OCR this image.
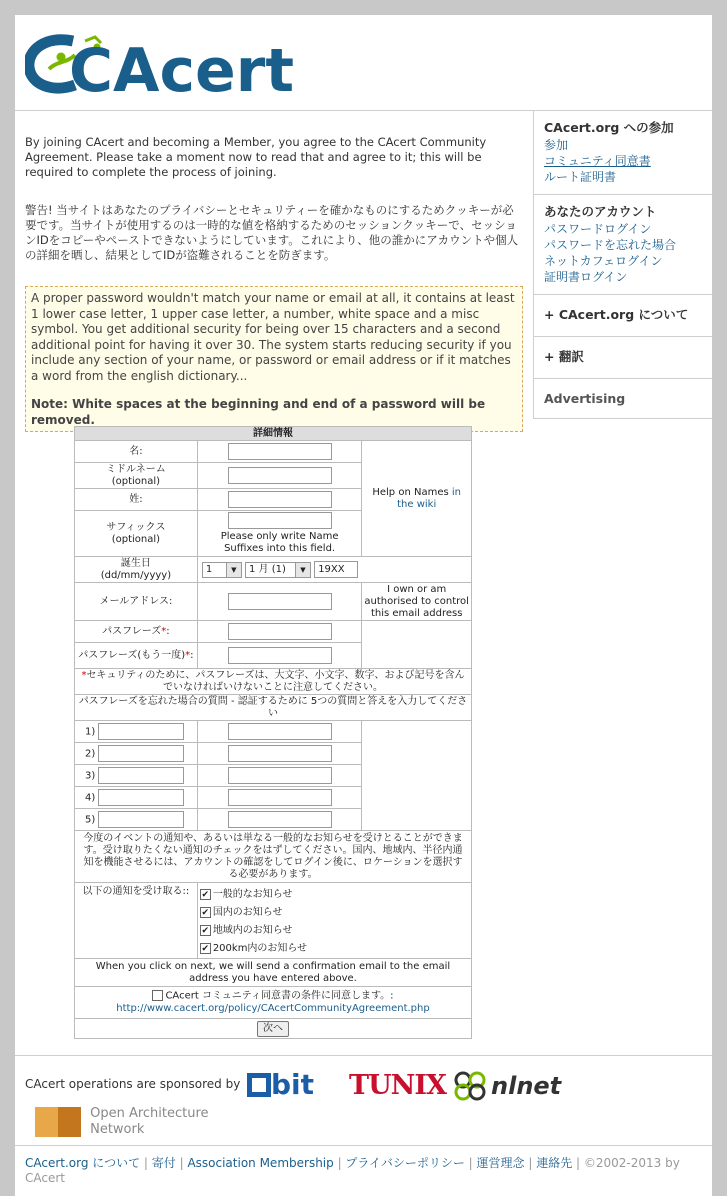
CAcert
By joining CAcert and becoming a Member, you agree to the CAcert Community Agreement. Please take a moment now to read that and agree to it; this will be required to complete the process of joining.
警告! 当サイトはあなたのプライバシーとセキュリティーを確かなものにするためクッキーが必要です。当サイトが使用するのは一時的な値を格納するためのセッションクッキーで、セッションIDをコピーやペーストできないようにしています。これにより、他の誰かにアカウントや個人の詳細を晒し、結果としてIDが盗難されることを防ぎます。
A proper password wouldn't match your name or email at all, it contains at least 1 lower case letter, 1 upper case letter, a number, white space and a misc symbol. You get additional security for being over 15 characters and a second additional point for having it over 30. The system starts reducing security if you include any section of your name, or password or email address or if it matches a word from the english dictionary...
Note: White spaces at the beginning and end of a password will be removed.
詳細情報		
名:		Help on Names in the wiki
ミドルネーム
(optional)		
姓:		
サフィックス
(optional)	Please only write Name Suffixes into this field.	

誕生日
(dd/mm/yyyy)	1 ▼ 1 月 (1) ▼ 19XX	
メールアドレス:		I own or am authorised to control this email address
パスフレーズ*:		
パスフレーズ(もう一度)*:		
*セキュリティのために、パスフレーズは、大文字、小文字、数字、および記号を含んでいなければいけないことに注意してください。		
パスフレーズを忘れた場合の質問 - 認証するために 5つの質問と答えを入力してください		
1)		
2)		
3)		
4)		
5)		
今度のイベントの通知や、あるいは単なる一般的なお知らせを受けとることができます。受け取りたくない通知のチェックをはずしてください。国内、地域内、半径内通知を機能させるには、アカウントの確認をしてログイン後に、ロケーションを選択する必要があります。		
以下の通知を受け取る::	✔ 一般的なお知らせ
✔ 国内のお知らせ
✔ 地域内のお知らせ
✔ 200km内のお知らせ	

When you click on next, we will send a confirmation email to the email address you have entered above.		
CAcert コミュニティ同意書の条件に同意します。:
http://www.cacert.org/policy/CAcertCommunityAgreement.php		
次へ		
CAcert.org への参加
参加
コミュニティ同意書
ルート証明書
あなたのアカウント
パスワードログイン
パスワードを忘れた場合
ネットカフェログイン
証明書ログイン
+ CAcert.org について
+ 翻訳
Advertising
CAcert operations are sponsored by	bit TUNIX	nlnet

Open Architecture
Network
CAcert.org について | 寄付 | Association Membership | プライバシーポリシー | 運営理念 | 連絡先 | ©2002-2013 by CAcert
